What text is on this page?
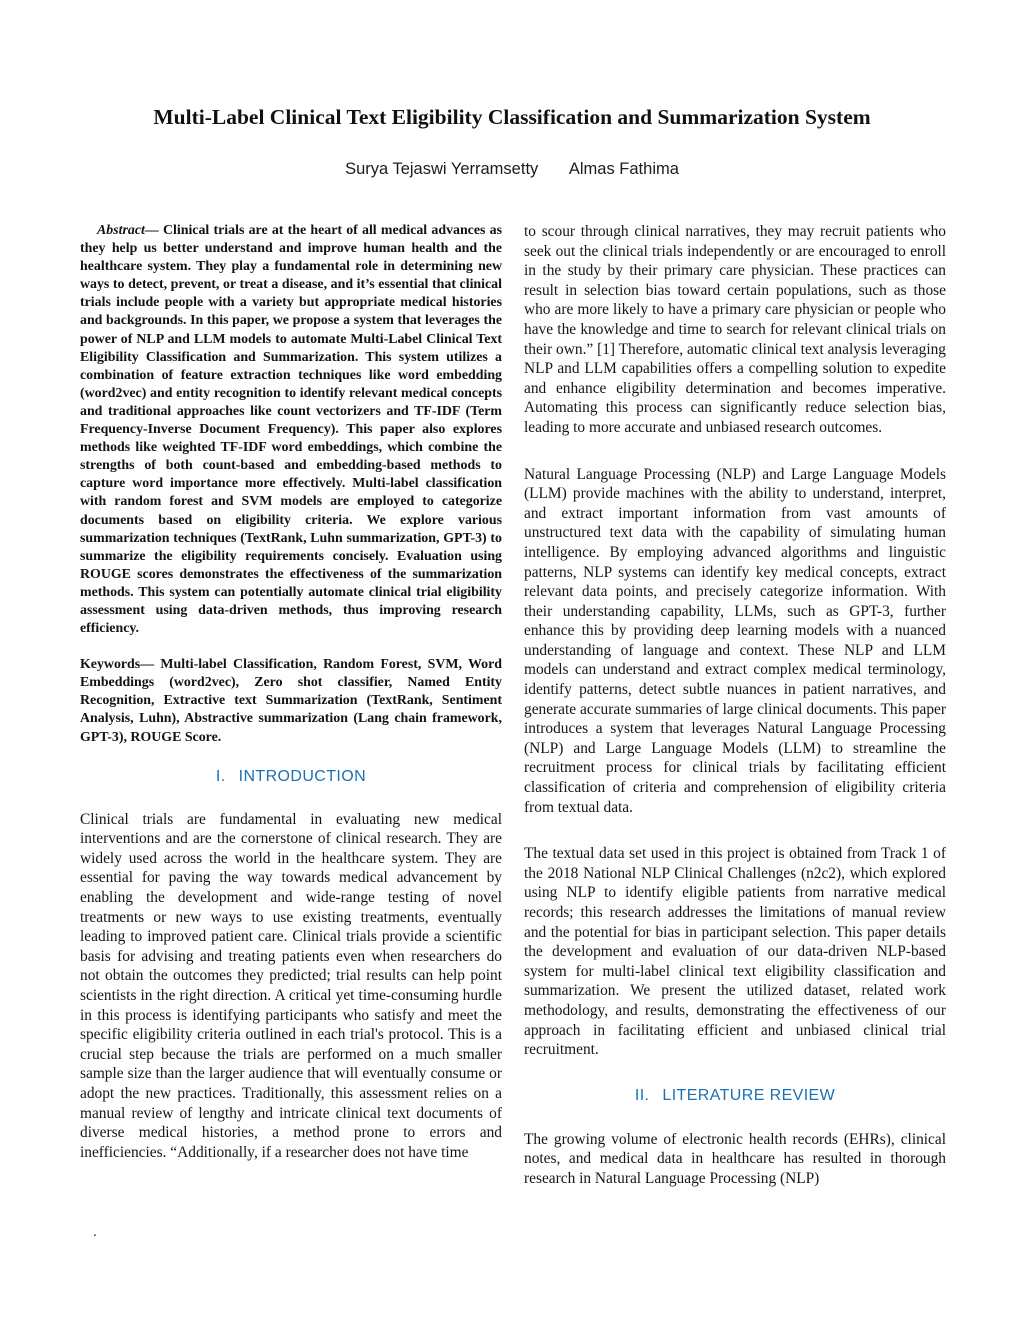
Multi-Label Clinical Text Eligibility Classification and Summarization System
Surya Tejaswi Yerramsetty Almas Fathima

Abstract— Clinical trials are at the heart of all medical advances as they help us better understand and improve human health and the healthcare system. They play a fundamental role in determining new ways to detect, prevent, or treat a disease, and it’s essential that clinical trials include people with a variety but appropriate medical histories and backgrounds. In this paper, we propose a system that leverages the power of NLP and LLM models to automate Multi-Label Clinical Text Eligibility Classification and Summarization. This system utilizes a combination of feature extraction techniques like word embedding (word2vec) and entity recognition to identify relevant medical concepts and traditional approaches like count vectorizers and TF-IDF (Term Frequency-Inverse Document Frequency). This paper also explores methods like weighted TF-IDF word embeddings, which combine the strengths of both count-based and embedding-based methods to capture word importance more effectively. Multi-label classification with random forest and SVM models are employed to categorize documents based on eligibility criteria. We explore various summarization techniques (TextRank, Luhn summarization, GPT-3) to summarize the eligibility requirements concisely. Evaluation using ROUGE scores demonstrates the effectiveness of the summarization methods. This system can potentially automate clinical trial eligibility assessment using data-driven methods, thus improving research efficiency.

Keywords— Multi-label Classification, Random Forest, SVM, Word Embeddings (word2vec), Zero shot classifier, Named Entity Recognition, Extractive text Summarization (TextRank, Sentiment Analysis, Luhn), Abstractive summarization (Lang chain framework, GPT-3), ROUGE Score.

I. INTRODUCTION

Clinical trials are fundamental in evaluating new medical interventions and are the cornerstone of clinical research. They are widely used across the world in the healthcare system. They are essential for paving the way towards medical advancement by enabling the development and wide-range testing of novel treatments or new ways to use existing treatments, eventually leading to improved patient care. Clinical trials provide a scientific basis for advising and treating patients even when researchers do not obtain the outcomes they predicted; trial results can help point scientists in the right direction. A critical yet time-consuming hurdle in this process is identifying participants who satisfy and meet the specific eligibility criteria outlined in each trial's protocol. This is a crucial step because the trials are performed on a much smaller sample size than the larger audience that will eventually consume or adopt the new practices. Traditionally, this assessment relies on a manual review of lengthy and intricate clinical text documents of diverse medical histories, a method prone to errors and inefficiencies. “Additionally, if a researcher does not have time

to scour through clinical narratives, they may recruit patients who seek out the clinical trials independently or are encouraged to enroll in the study by their primary care physician. These practices can result in selection bias toward certain populations, such as those who are more likely to have a primary care physician or people who have the knowledge and time to search for relevant clinical trials on their own.” [1] Therefore, automatic clinical text analysis leveraging NLP and LLM capabilities offers a compelling solution to expedite and enhance eligibility determination and becomes imperative. Automating this process can significantly reduce selection bias, leading to more accurate and unbiased research outcomes.

Natural Language Processing (NLP) and Large Language Models (LLM) provide machines with the ability to understand, interpret, and extract important information from vast amounts of unstructured text data with the capability of simulating human intelligence. By employing advanced algorithms and linguistic patterns, NLP systems can identify key medical concepts, extract relevant data points, and precisely categorize information. With their understanding capability, LLMs, such as GPT-3, further enhance this by providing deep learning models with a nuanced understanding of language and context. These NLP and LLM models can understand and extract complex medical terminology, identify patterns, detect subtle nuances in patient narratives, and generate accurate summaries of large clinical documents. This paper introduces a system that leverages Natural Language Processing (NLP) and Large Language Models (LLM) to streamline the recruitment process for clinical trials by facilitating efficient classification of criteria and comprehension of eligibility criteria from textual data.

The textual data set used in this project is obtained from Track 1 of the 2018 National NLP Clinical Challenges (n2c2), which explored using NLP to identify eligible patients from narrative medical records; this research addresses the limitations of manual review and the potential for bias in participant selection. This paper details the development and evaluation of our data-driven NLP-based system for multi-label clinical text eligibility classification and summarization. We present the utilized dataset, related work methodology, and results, demonstrating the effectiveness of our approach in facilitating efficient and unbiased clinical trial recruitment.

II. LITERATURE REVIEW

The growing volume of electronic health records (EHRs), clinical notes, and medical data in healthcare has resulted in thorough research in Natural Language Processing (NLP)

.
